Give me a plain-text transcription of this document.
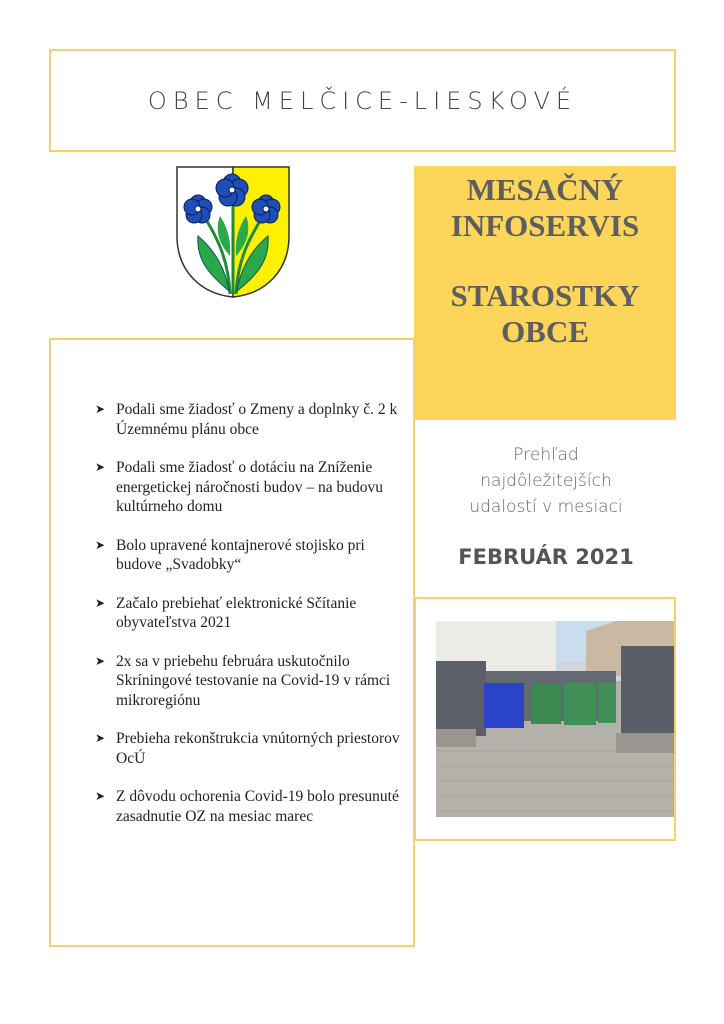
OBEC MELČICE-LIESKOVÉ
MESAČNÝ
INFOSERVIS
STAROSTKY
OBCE
➤ Podali sme žiadosť o Zmeny a doplnky č. 2 k Územnému plánu obce
➤ Podali sme žiadosť o dotáciu na Zníženie energetickej náročnosti budov – na budovu kultúrneho domu
➤ Bolo upravené kontajnerové stojisko pri budove „Svadobky“
➤ Začalo prebiehať elektronické Sčítanie obyvateľstva 2021
➤ 2x sa v priebehu februára uskutočnilo Skríningové testovanie na Covid-19 v rámci mikroregiónu
➤ Prebieha rekonštrukcia vnútorných priestorov OcÚ
➤ Z dôvodu ochorenia Covid-19 bolo presunuté zasadnutie OZ na mesiac marec
Prehľad
najdôležitejších
udalostí v mesiaci
FEBRUÁR 2021
